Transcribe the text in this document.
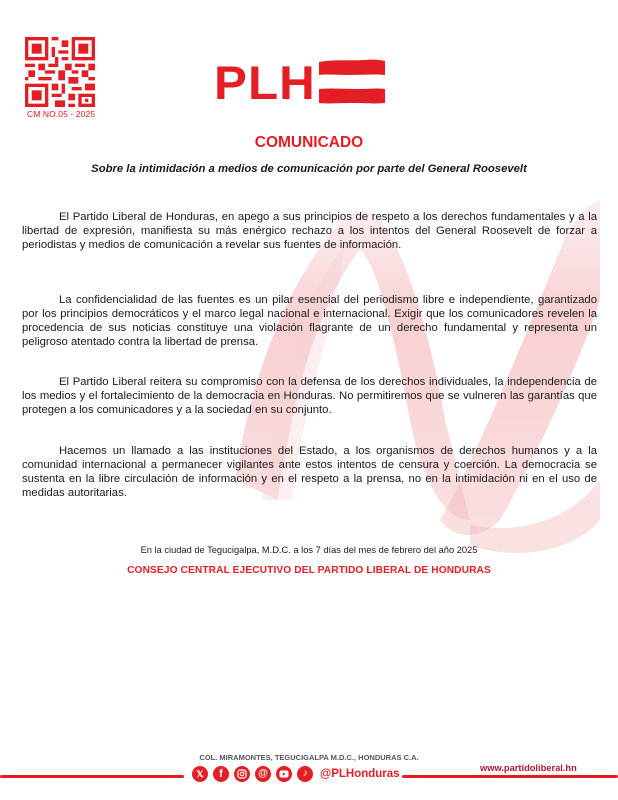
CM NO.05 - 2025
PLH
COMUNICADO
Sobre la intimidación a medios de comunicación por parte del General Roosevelt

El Partido Liberal de Honduras, en apego a sus principios de respeto a los derechos fundamentales y a la libertad de expresión, manifiesta su más enérgico rechazo a los intentos del General Roosevelt de forzar a periodistas y medios de comunicación a revelar sus fuentes de información.

La confidencialidad de las fuentes es un pilar esencial del periodismo libre e independiente, garantizado por los principios democráticos y el marco legal nacional e internacional. Exigir que los comunicadores revelen la procedencia de sus noticias constituye una violación flagrante de un derecho fundamental y representa un peligroso atentado contra la libertad de prensa.

El Partido Liberal reitera su compromiso con la defensa de los derechos individuales, la independencia de los medios y el fortalecimiento de la democracia en Honduras. No permitiremos que se vulneren las garantías que protegen a los comunicadores y a la sociedad en su conjunto.

Hacemos un llamado a las instituciones del Estado, a los organismos de derechos humanos y a la comunidad internacional a permanecer vigilantes ante estos intentos de censura y coerción. La democracia se sustenta en la libre circulación de información y en el respeto a la prensa, no en la intimidación ni en el uso de medidas autoritarias.

En la ciudad de Tegucigalpa, M.D.C. a los 7 días del mes de febrero del año 2025
CONSEJO CENTRAL EJECUTIVO DEL PARTIDO LIBERAL DE HONDURAS
COL. MIRAMONTES, TEGUCIGALPA M.D.C., HONDURAS C.A.
𝕏	f	@	♪	@PLHonduras	www.partidoliberal.hn
